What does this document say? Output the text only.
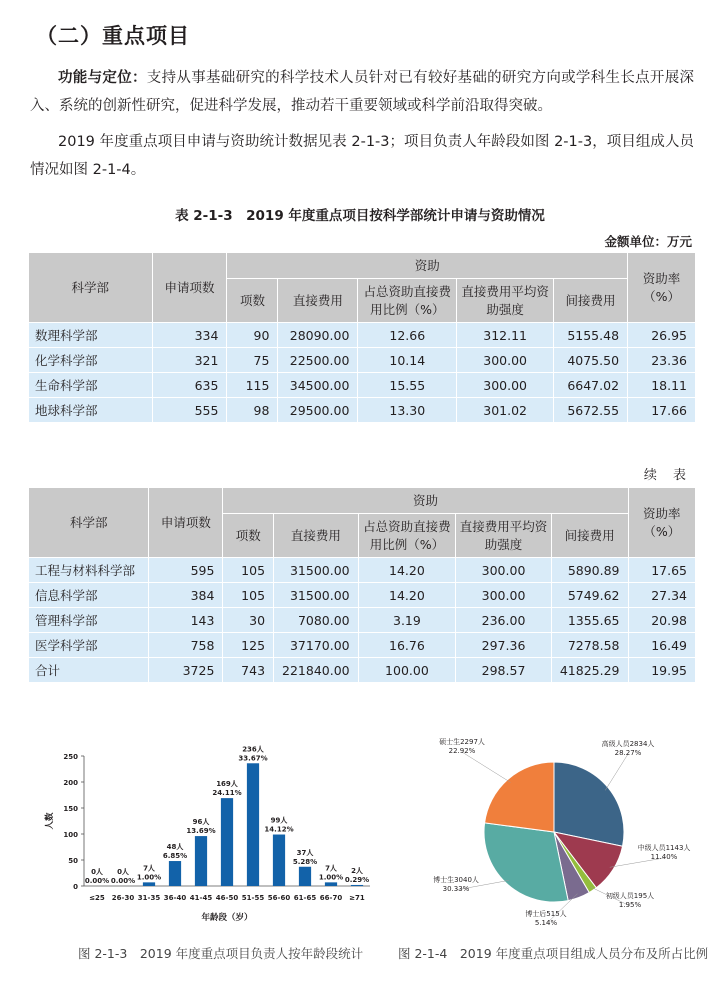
（二）重点项目
功能与定位：支持从事基础研究的科学技术人员针对已有较好基础的研究方向或学科生长点开展深入、系统的创新性研究，促进科学发展，推动若干重要领域或科学前沿取得突破。
2019 年度重点项目申请与资助统计数据见表 2-1-3；项目负责人年龄段如图 2-1-3，项目组成人员情况如图 2-1-4。
表 2-1-3　2019 年度重点项目按科学部统计申请与资助情况
金额单位：万元
科学部	申请项数	资助					资助率（%）
		项数	直接费用	占总资助直接费用比例（%）	直接费用平均资助强度	间接费用	
数理科学部	334	90	28090.00	12.66	312.11	5155.48	26.95
化学科学部	321	75	22500.00	10.14	300.00	4075.50	23.36
生命科学部	635	115	34500.00	15.55	300.00	6647.02	18.11
地球科学部	555	98	29500.00	13.30	301.02	5672.55	17.66
续 表
科学部	申请项数	资助					资助率（%）
		项数	直接费用	占总资助直接费用比例（%）	直接费用平均资助强度	间接费用	
工程与材料科学部	595	105	31500.00	14.20	300.00	5890.89	17.65
信息科学部	384	105	31500.00	14.20	300.00	5749.62	27.34
管理科学部	143	30	7080.00	3.19	236.00	1355.65	20.98
医学科学部	758	125	37170.00	16.76	297.36	7278.58	16.49
合计	3725	743	221840.00	100.00	298.57	41825.29	19.95
0
50
100
150
200
250
≤25
0人
0.00%
26-30
0人
0.00%
31-35
7人
1.00%
36-40
48人
6.85%
41-45
96人
13.69%
46-50
169人
24.11%
51-55
236人
33.67%
56-60
99人
14.12%
61-65
37人
5.28%
66-70
7人
1.00%
≥71
2人
0.29%
年龄段（岁）
人数
高级人员2834人
28.27%
中级人员1143人
11.40%
初级人员195人
1.95%
博士后515人
5.14%
博士生3040人
30.33%
硕士生2297人
22.92%
图 2-1-3　2019 年度重点项目负责人按年龄段统计	图 2-1-4　2019 年度重点项目组成人员分布及所占比例
